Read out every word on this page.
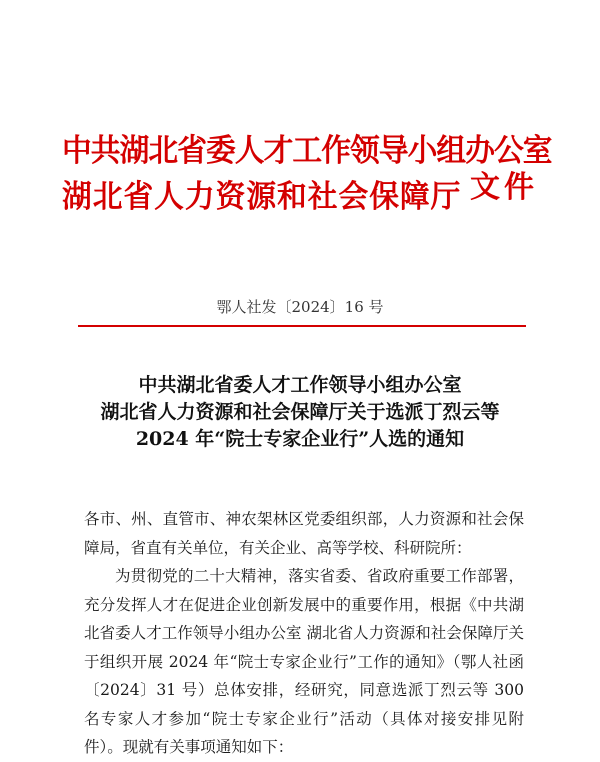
中共湖北省委人才工作领导小组办公室
湖北省人力资源和社会保障厅 文件
鄂人社发〔2024〕16 号
中共湖北省委人才工作领导小组办公室
湖北省人力资源和社会保障厅关于选派丁烈云等
2024 年“院士专家企业行”人选的通知

各市、州、直管市、神农架林区党委组织部，人力资源和社会保障局，省直有关单位，有关企业、高等学校、科研院所：

为贯彻党的二十大精神，落实省委、省政府重要工作部署，充分发挥人才在促进企业创新发展中的重要作用，根据《中共湖北省委人才工作领导小组办公室 湖北省人力资源和社会保障厅关于组织开展 2024 年“院士专家企业行”工作的通知》（鄂人社函〔2024〕31 号）总体安排，经研究，同意选派丁烈云等 300 名专家人才参加“院士专家企业行”活动（具体对接安排见附件）。现就有关事项通知如下：
